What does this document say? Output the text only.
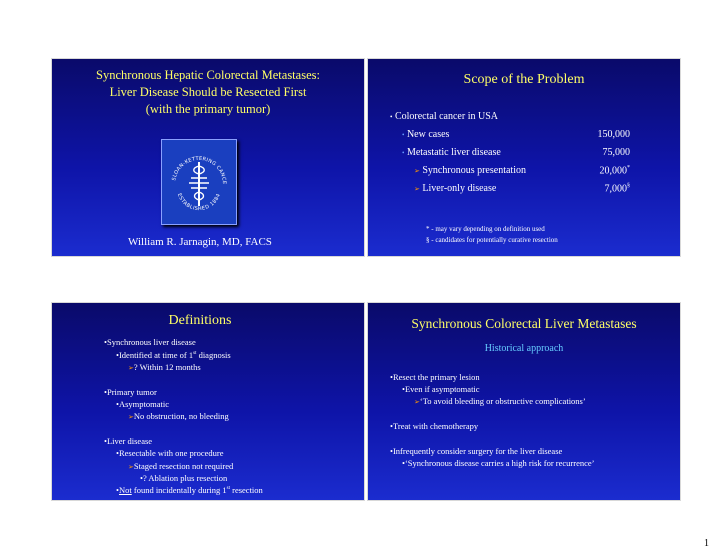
Synchronous Hepatic Colorectal Metastases:
Liver Disease Should be Resected First
(with the primary tumor)
SLOAN-KETTERING CANCE
ESTABLISHED 1884
William R. Jarnagin, MD, FACS
Scope of the Problem
• Colorectal cancer in USA
• New cases	150,000
• Metastatic liver disease	75,000
➢ Synchronous presentation	20,000*
➢ Liver-only disease	7,000§
* - may vary depending on definition used
§ - candidates for potentially curative resection
Definitions
•Synchronous liver disease
•Identified at time of 1st diagnosis
➢? Within 12 months
•Primary tumor
•Asymptomatic
➢No obstruction, no bleeding
•Liver disease
•Resectable with one procedure
➢Staged resection not required
•? Ablation plus resection
•Not found incidentally during 1st resection
Synchronous Colorectal Liver Metastases
Historical approach
•Resect the primary lesion
•Even if asymptomatic
➢‘To avoid bleeding or obstructive complications’
•Treat with chemotherapy
•Infrequently consider surgery for the liver disease
•‘Synchronous disease carries a high risk for recurrence’
1
